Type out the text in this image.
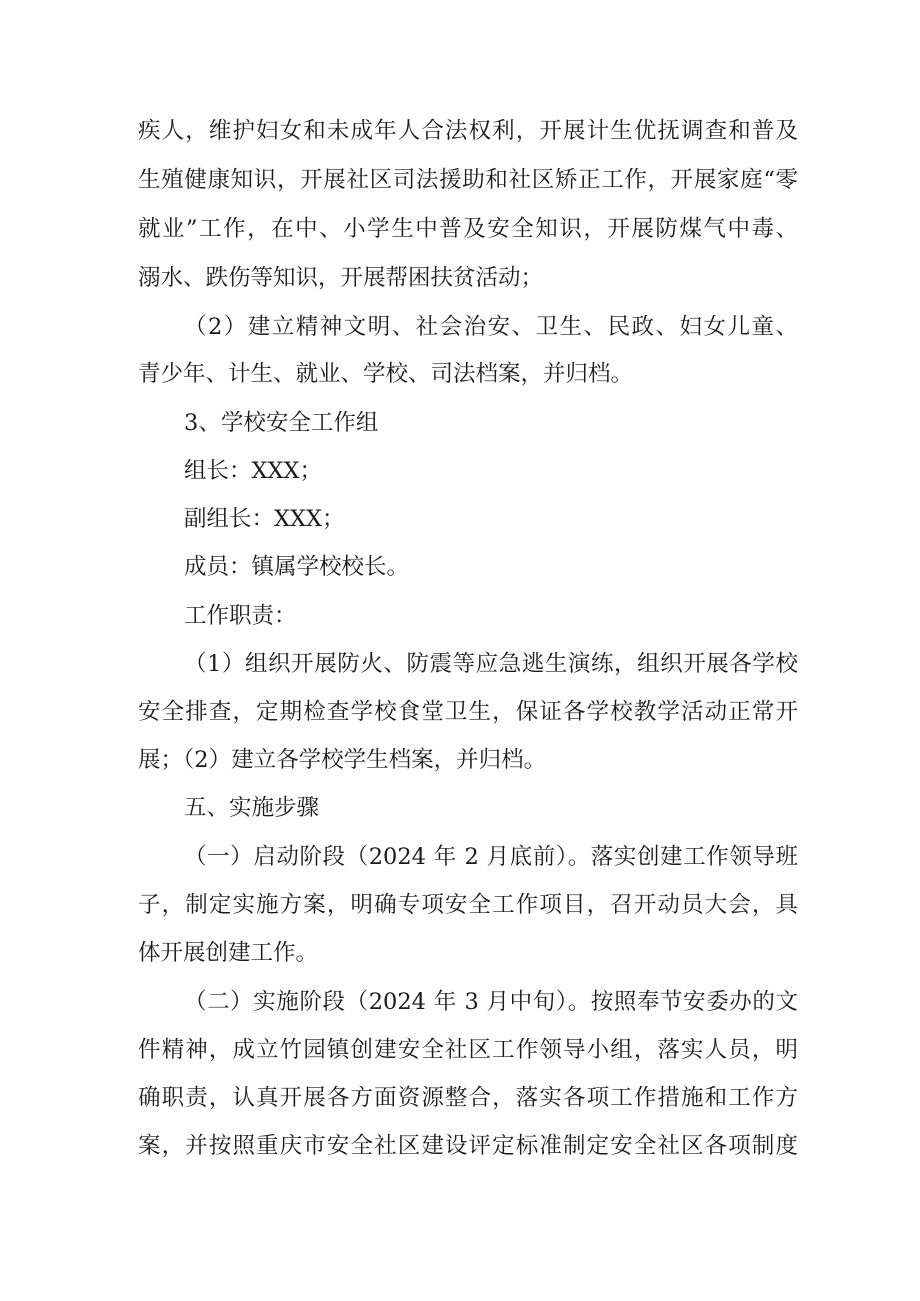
疾人，维护妇女和未成年人合法权利，开展计生优抚调查和普及

生殖健康知识，开展社区司法援助和社区矫正工作，开展家庭“零

就业”工作，在中、小学生中普及安全知识，开展防煤气中毒、

溺水、跌伤等知识，开展帮困扶贫活动；

（2）建立精神文明、社会治安、卫生、民政、妇女儿童、

青少年、计生、就业、学校、司法档案，并归档。

3、学校安全工作组

组长：XXX；

副组长：XXX；

成员：镇属学校校长。

工作职责：

（1）组织开展防火、防震等应急逃生演练，组织开展各学校

安全排查，定期检查学校食堂卫生，保证各学校教学活动正常开

展；（2）建立各学校学生档案，并归档。

五、实施步骤

（一）启动阶段（2024 年 2 月底前）。落实创建工作领导班

子，制定实施方案，明确专项安全工作项目，召开动员大会，具

体开展创建工作。

（二）实施阶段（2024 年 3 月中旬）。按照奉节安委办的文

件精神，成立竹园镇创建安全社区工作领导小组，落实人员，明

确职责，认真开展各方面资源整合，落实各项工作措施和工作方

案，并按照重庆市安全社区建设评定标准制定安全社区各项制度
